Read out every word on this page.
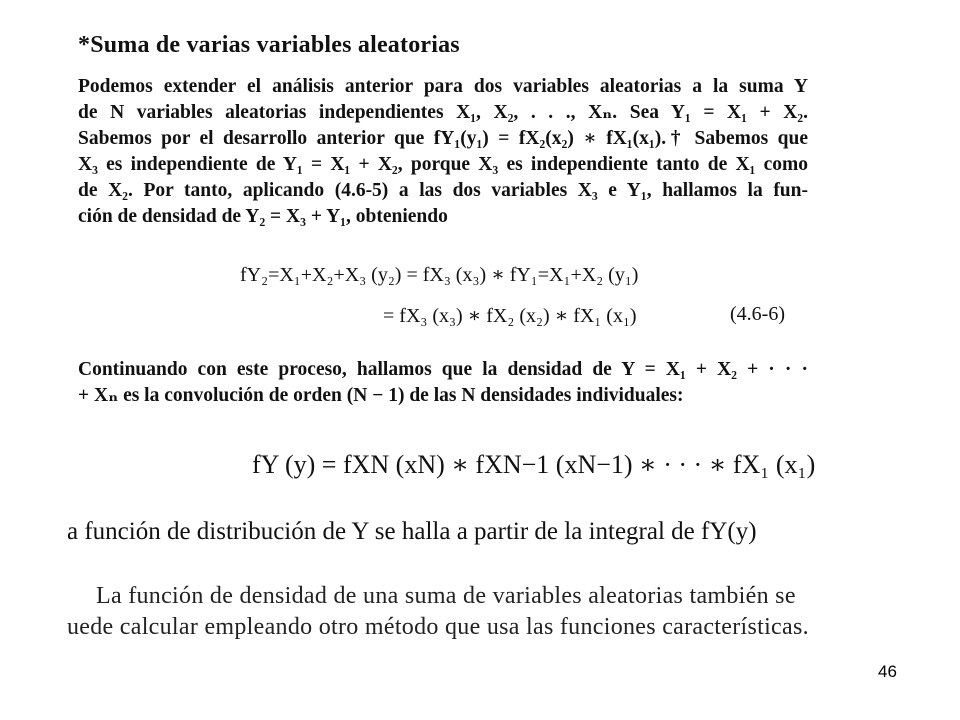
*Suma de varias variables aleatorias
Podemos extender el análisis anterior para dos variables aleatorias a la suma Y
de N variables aleatorias independientes X₁, X₂, . . ., Xₙ. Sea Y₁ = X₁ + X₂.
Sabemos por el desarrollo anterior que fY₁(y₁) = fX₂(x₂) ∗ fX₁(x₁).† Sabemos que
X₃ es independiente de Y₁ = X₁ + X₂, porque X₃ es independiente tanto de X₁ como
de X₂. Por tanto, aplicando (4.6-5) a las dos variables X₃ e Y₁, hallamos la fun-
ción de densidad de Y₂ = X₃ + Y₁, obteniendo
fY₂=X₁+X₂+X₃ (y₂) = fX₃ (x₃) ∗ fY₁=X₁+X₂ (y₁)
= fX₃ (x₃) ∗ fX₂ (x₂) ∗ fX₁ (x₁)	(4.6-6)
Continuando con este proceso, hallamos que la densidad de Y = X₁ + X₂ + · · ·
+ Xₙ es la convolución de orden (N − 1) de las N densidades individuales:
fY (y) = fXN (xN) ∗ fXN−1 (xN−1) ∗ · · · ∗ fX₁ (x₁)
a función de distribución de Y se halla a partir de la integral de fY(y)
La función de densidad de una suma de variables aleatorias también se
uede calcular empleando otro método que usa las funciones características.
46
